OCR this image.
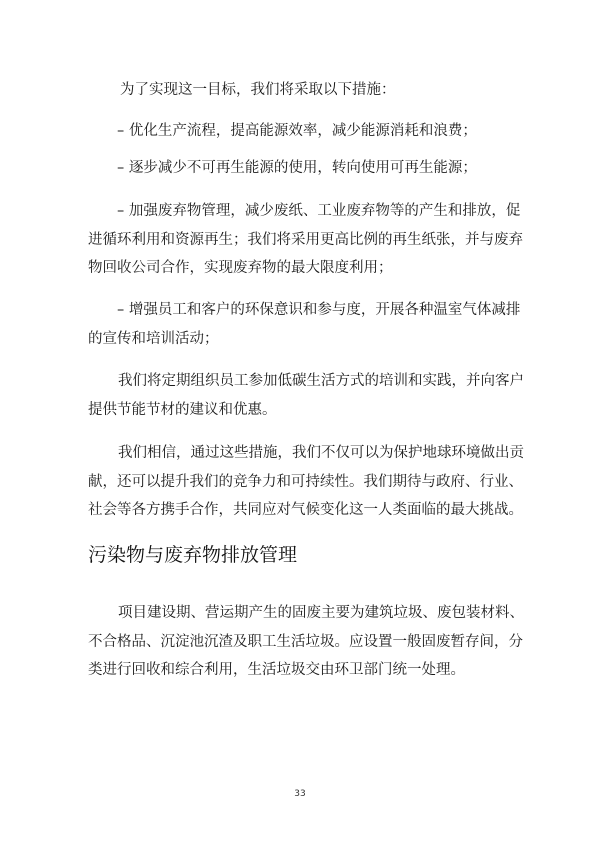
为了实现这一目标，我们将采取以下措施：

– 优化生产流程，提高能源效率，减少能源消耗和浪费；

– 逐步减少不可再生能源的使用，转向使用可再生能源；

– 加强废弃物管理，减少废纸、工业废弃物等的产生和排放，促
进循环利用和资源再生；我们将采用更高比例的再生纸张，并与废弃
物回收公司合作，实现废弃物的最大限度利用；

– 增强员工和客户的环保意识和参与度，开展各种温室气体减排
的宣传和培训活动；

我们将定期组织员工参加低碳生活方式的培训和实践，并向客户
提供节能节材的建议和优惠。

我们相信，通过这些措施，我们不仅可以为保护地球环境做出贡
献，还可以提升我们的竞争力和可持续性。我们期待与政府、行业、
社会等各方携手合作，共同应对气候变化这一人类面临的最大挑战。

污染物与废弃物排放管理

项目建设期、营运期产生的固废主要为建筑垃圾、废包装材料、
不合格品、沉淀池沉渣及职工生活垃圾。应设置一般固废暂存间，分
类进行回收和综合利用，生活垃圾交由环卫部门统一处理。

33
